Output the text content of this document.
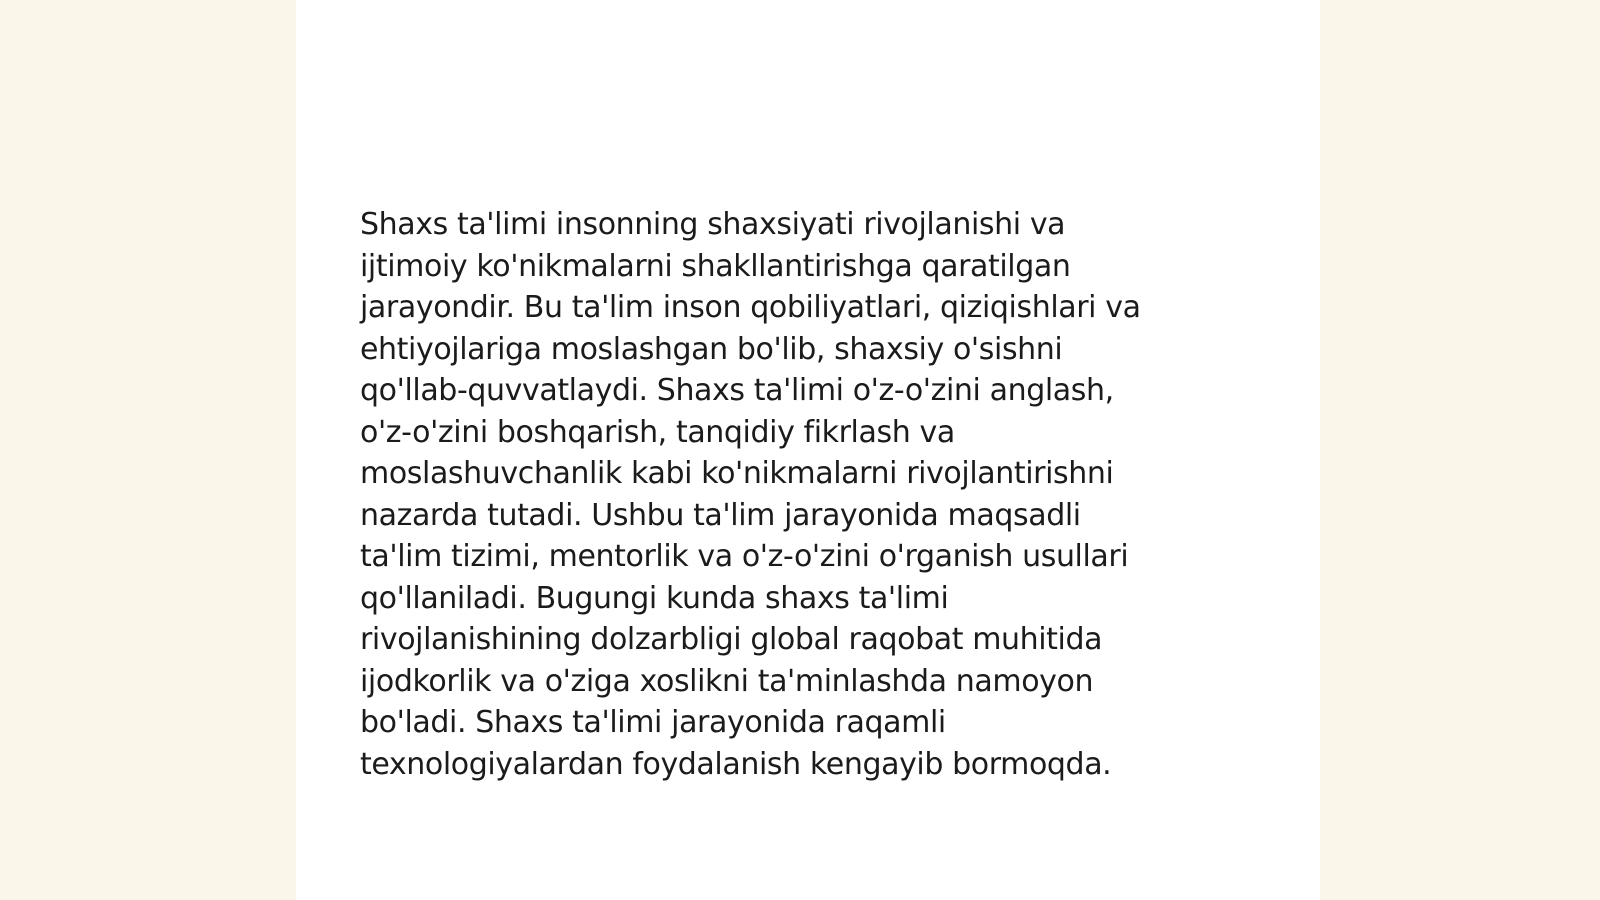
Shaxs ta'limi insonning shaxsiyati rivojlanishi va
ijtimoiy ko'nikmalarni shakllantirishga qaratilgan
jarayondir. Bu ta'lim inson qobiliyatlari, qiziqishlari va
ehtiyojlariga moslashgan bo'lib, shaxsiy o'sishni
qo'llab-quvvatlaydi. Shaxs ta'limi o'z-o'zini anglash,
o'z-o'zini boshqarish, tanqidiy fikrlash va
moslashuvchanlik kabi ko'nikmalarni rivojlantirishni
nazarda tutadi. Ushbu ta'lim jarayonida maqsadli
ta'lim tizimi, mentorlik va o'z-o'zini o'rganish usullari
qo'llaniladi. Bugungi kunda shaxs ta'limi
rivojlanishining dolzarbligi global raqobat muhitida
ijodkorlik va o'ziga xoslikni ta'minlashda namoyon
bo'ladi. Shaxs ta'limi jarayonida raqamli
texnologiyalardan foydalanish kengayib bormoqda.
